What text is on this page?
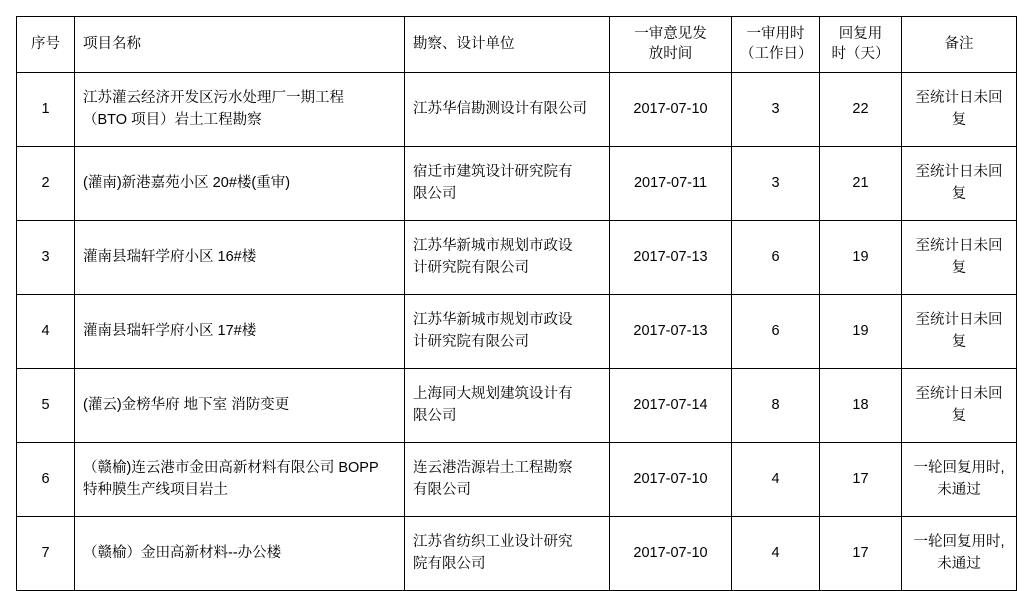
序号	项目名称	勘察、设计单位	一审意见发
放时间	一审用时
（工作日）	回复用
时（天）	备注

1	江苏灌云经济开发区污水处理厂一期工程
（BTO 项目）岩土工程勘察	江苏华信勘测设计有限公司	2017-07-10	3	22	至统计日未回复

2	(灌南)新港嘉苑小区 20#楼(重审)	宿迁市建筑设计研究院有
限公司	2017-07-11	3	21	至统计日未回复

3	灌南县瑞轩学府小区 16#楼	江苏华新城市规划市政设
计研究院有限公司	2017-07-13	6	19	至统计日未回复

4	灌南县瑞轩学府小区 17#楼	江苏华新城市规划市政设
计研究院有限公司	2017-07-13	6	19	至统计日未回复

5	(灌云)金榜华府 地下室 消防变更	上海同大规划建筑设计有
限公司	2017-07-14	8	18	至统计日未回复

6	（赣榆)连云港市金田高新材料有限公司 BOPP
特种膜生产线项目岩土	连云港浩源岩土工程勘察
有限公司	2017-07-10	4	17	一轮回复用时,
未通过

7	（赣榆）金田高新材料--办公楼	江苏省纺织工业设计研究
院有限公司	2017-07-10	4	17	一轮回复用时,
未通过
